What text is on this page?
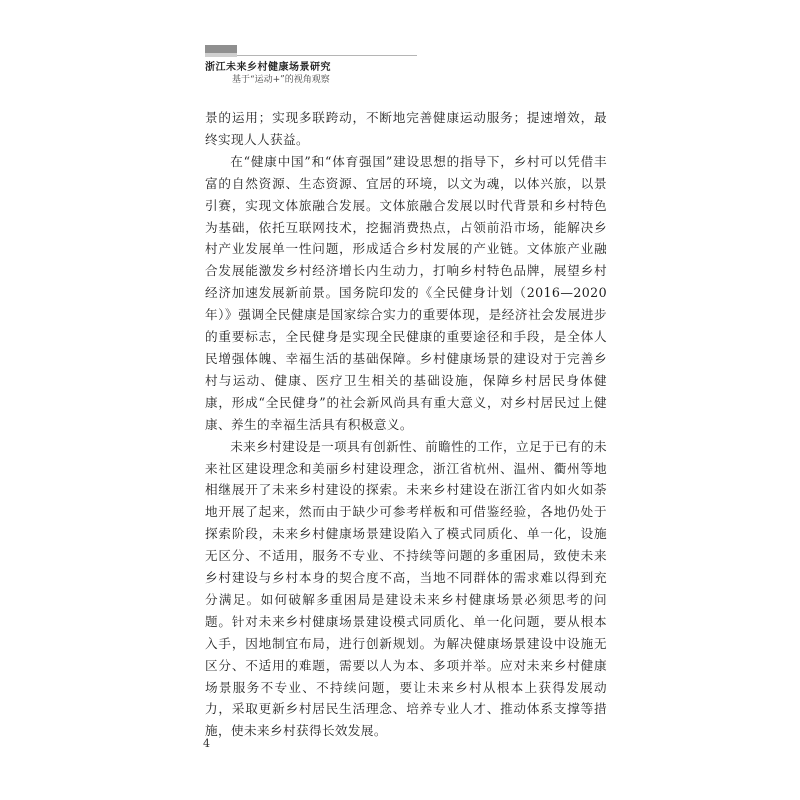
浙江未来乡村健康场景研究
基于“运动+”的视角观察

景的运用；实现多联跨动，不断地完善健康运动服务；提速增效，最终实现人人获益。

在“健康中国”和“体育强国”建设思想的指导下，乡村可以凭借丰富的自然资源、生态资源、宜居的环境，以文为魂，以体兴旅，以景引赛，实现文体旅融合发展。文体旅融合发展以时代背景和乡村特色为基础，依托互联网技术，挖掘消费热点，占领前沿市场，能解决乡村产业发展单一性问题，形成适合乡村发展的产业链。文体旅产业融合发展能激发乡村经济增长内生动力，打响乡村特色品牌，展望乡村经济加速发展新前景。国务院印发的《全民健身计划（2016—2020年）》强调全民健康是国家综合实力的重要体现，是经济社会发展进步的重要标志，全民健身是实现全民健康的重要途径和手段，是全体人民增强体魄、幸福生活的基础保障。乡村健康场景的建设对于完善乡村与运动、健康、医疗卫生相关的基础设施，保障乡村居民身体健康，形成“全民健身”的社会新风尚具有重大意义，对乡村居民过上健康、养生的幸福生活具有积极意义。

未来乡村建设是一项具有创新性、前瞻性的工作，立足于已有的未来社区建设理念和美丽乡村建设理念，浙江省杭州、温州、衢州等地相继展开了未来乡村建设的探索。未来乡村建设在浙江省内如火如荼地开展了起来，然而由于缺少可参考样板和可借鉴经验，各地仍处于探索阶段，未来乡村健康场景建设陷入了模式同质化、单一化，设施无区分、不适用，服务不专业、不持续等问题的多重困局，致使未来乡村建设与乡村本身的契合度不高，当地不同群体的需求难以得到充分满足。如何破解多重困局是建设未来乡村健康场景必须思考的问题。针对未来乡村健康场景建设模式同质化、单一化问题，要从根本入手，因地制宜布局，进行创新规划。为解决健康场景建设中设施无区分、不适用的难题，需要以人为本、多项并举。应对未来乡村健康场景服务不专业、不持续问题，要让未来乡村从根本上获得发展动力，采取更新乡村居民生活理念、培养专业人才、推动体系支撑等措施，使未来乡村获得长效发展。

4
